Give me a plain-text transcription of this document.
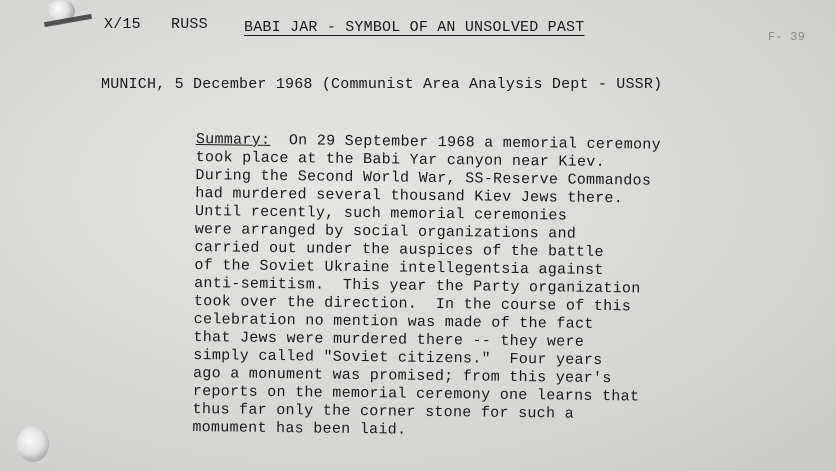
X/15 RUSS BABI JAR - SYMBOL OF AN UNSOLVED PAST
F- 39
MUNICH, 5 December 1968 (Communist Area Analysis Dept - USSR)
Summary:  On 29 September 1968 a memorial ceremony
took place at the Babi Yar canyon near Kiev.
During the Second World War, SS-Reserve Commandos
had murdered several thousand Kiev Jews there.
Until recently, such memorial ceremonies
were arranged by social organizations and
carried out under the auspices of the battle
of the Soviet Ukraine intellegentsia against
anti-semitism.  This year the Party organization
took over the direction.  In the course of this
celebration no mention was made of the fact
that Jews were murdered there -- they were
simply called "Soviet citizens."  Four years
ago a monument was promised; from this year's
reports on the memorial ceremony one learns that
thus far only the corner stone for such a
momument has been laid.
